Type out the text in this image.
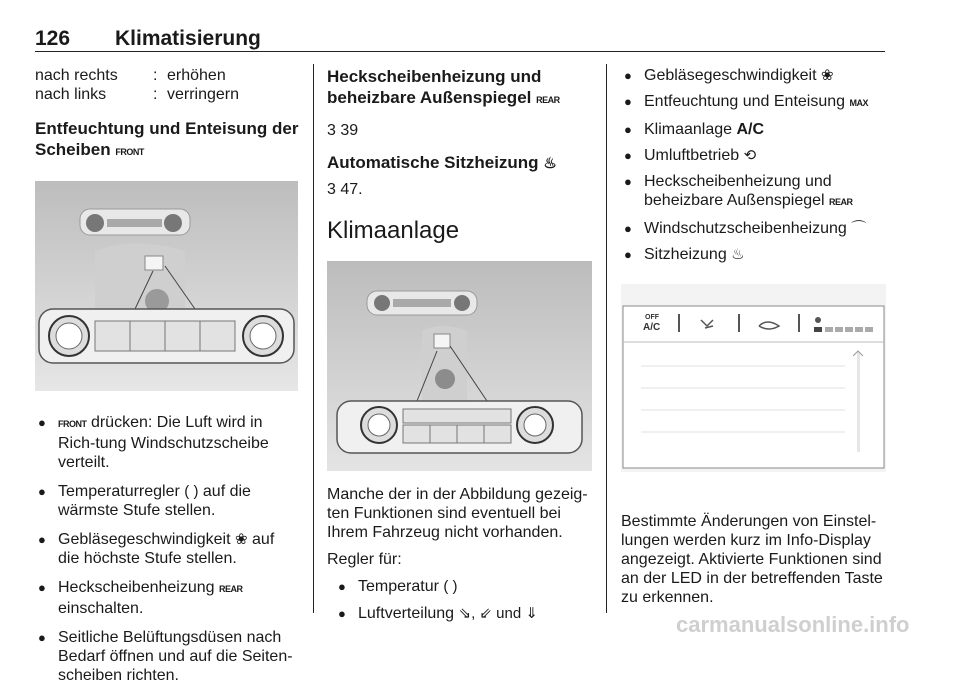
126 Klimatisierung
nach rechts	: erhöhen
nach links	: verringern
Entfeuchtung und Enteisung der
Scheiben FRONT

● FRONT drücken: Die Luft wird in Rich-tung Windschutzscheibe verteilt.

● Temperaturregler ( ) auf die wärmste Stufe stellen.

● Gebläsegeschwindigkeit ❀ auf die höchste Stufe stellen.

● Heckscheibenheizung REAR einschalten.

● Seitliche Belüftungsdüsen nach Bedarf öffnen und auf die Seiten-scheiben richten.

Heckscheibenheizung und
beheizbare Außenspiegel REAR

3 39

Automatische Sitzheizung ♨

3 47.

Klimaanlage

Manche der in der Abbildung gezeig-ten Funktionen sind eventuell bei Ihrem Fahrzeug nicht vorhanden.

Regler für:

● Temperatur ( )

● Luftverteilung ⇘, ⇙ und ⇓

● Gebläsegeschwindigkeit ❀

● Entfeuchtung und Enteisung MAX

● Klimaanlage A/C

● Umluftbetrieb ⟲

● Heckscheibenheizung und beheizbare Außenspiegel REAR

● Windschutzscheibenheizung ⌒

● Sitzheizung ♨

OFF
A/C

Bestimmte Änderungen von Einstel-lungen werden kurz im Info-Display angezeigt. Aktivierte Funktionen sind an der LED in der betreffenden Taste zu erkennen.

carmanualsonline.info
